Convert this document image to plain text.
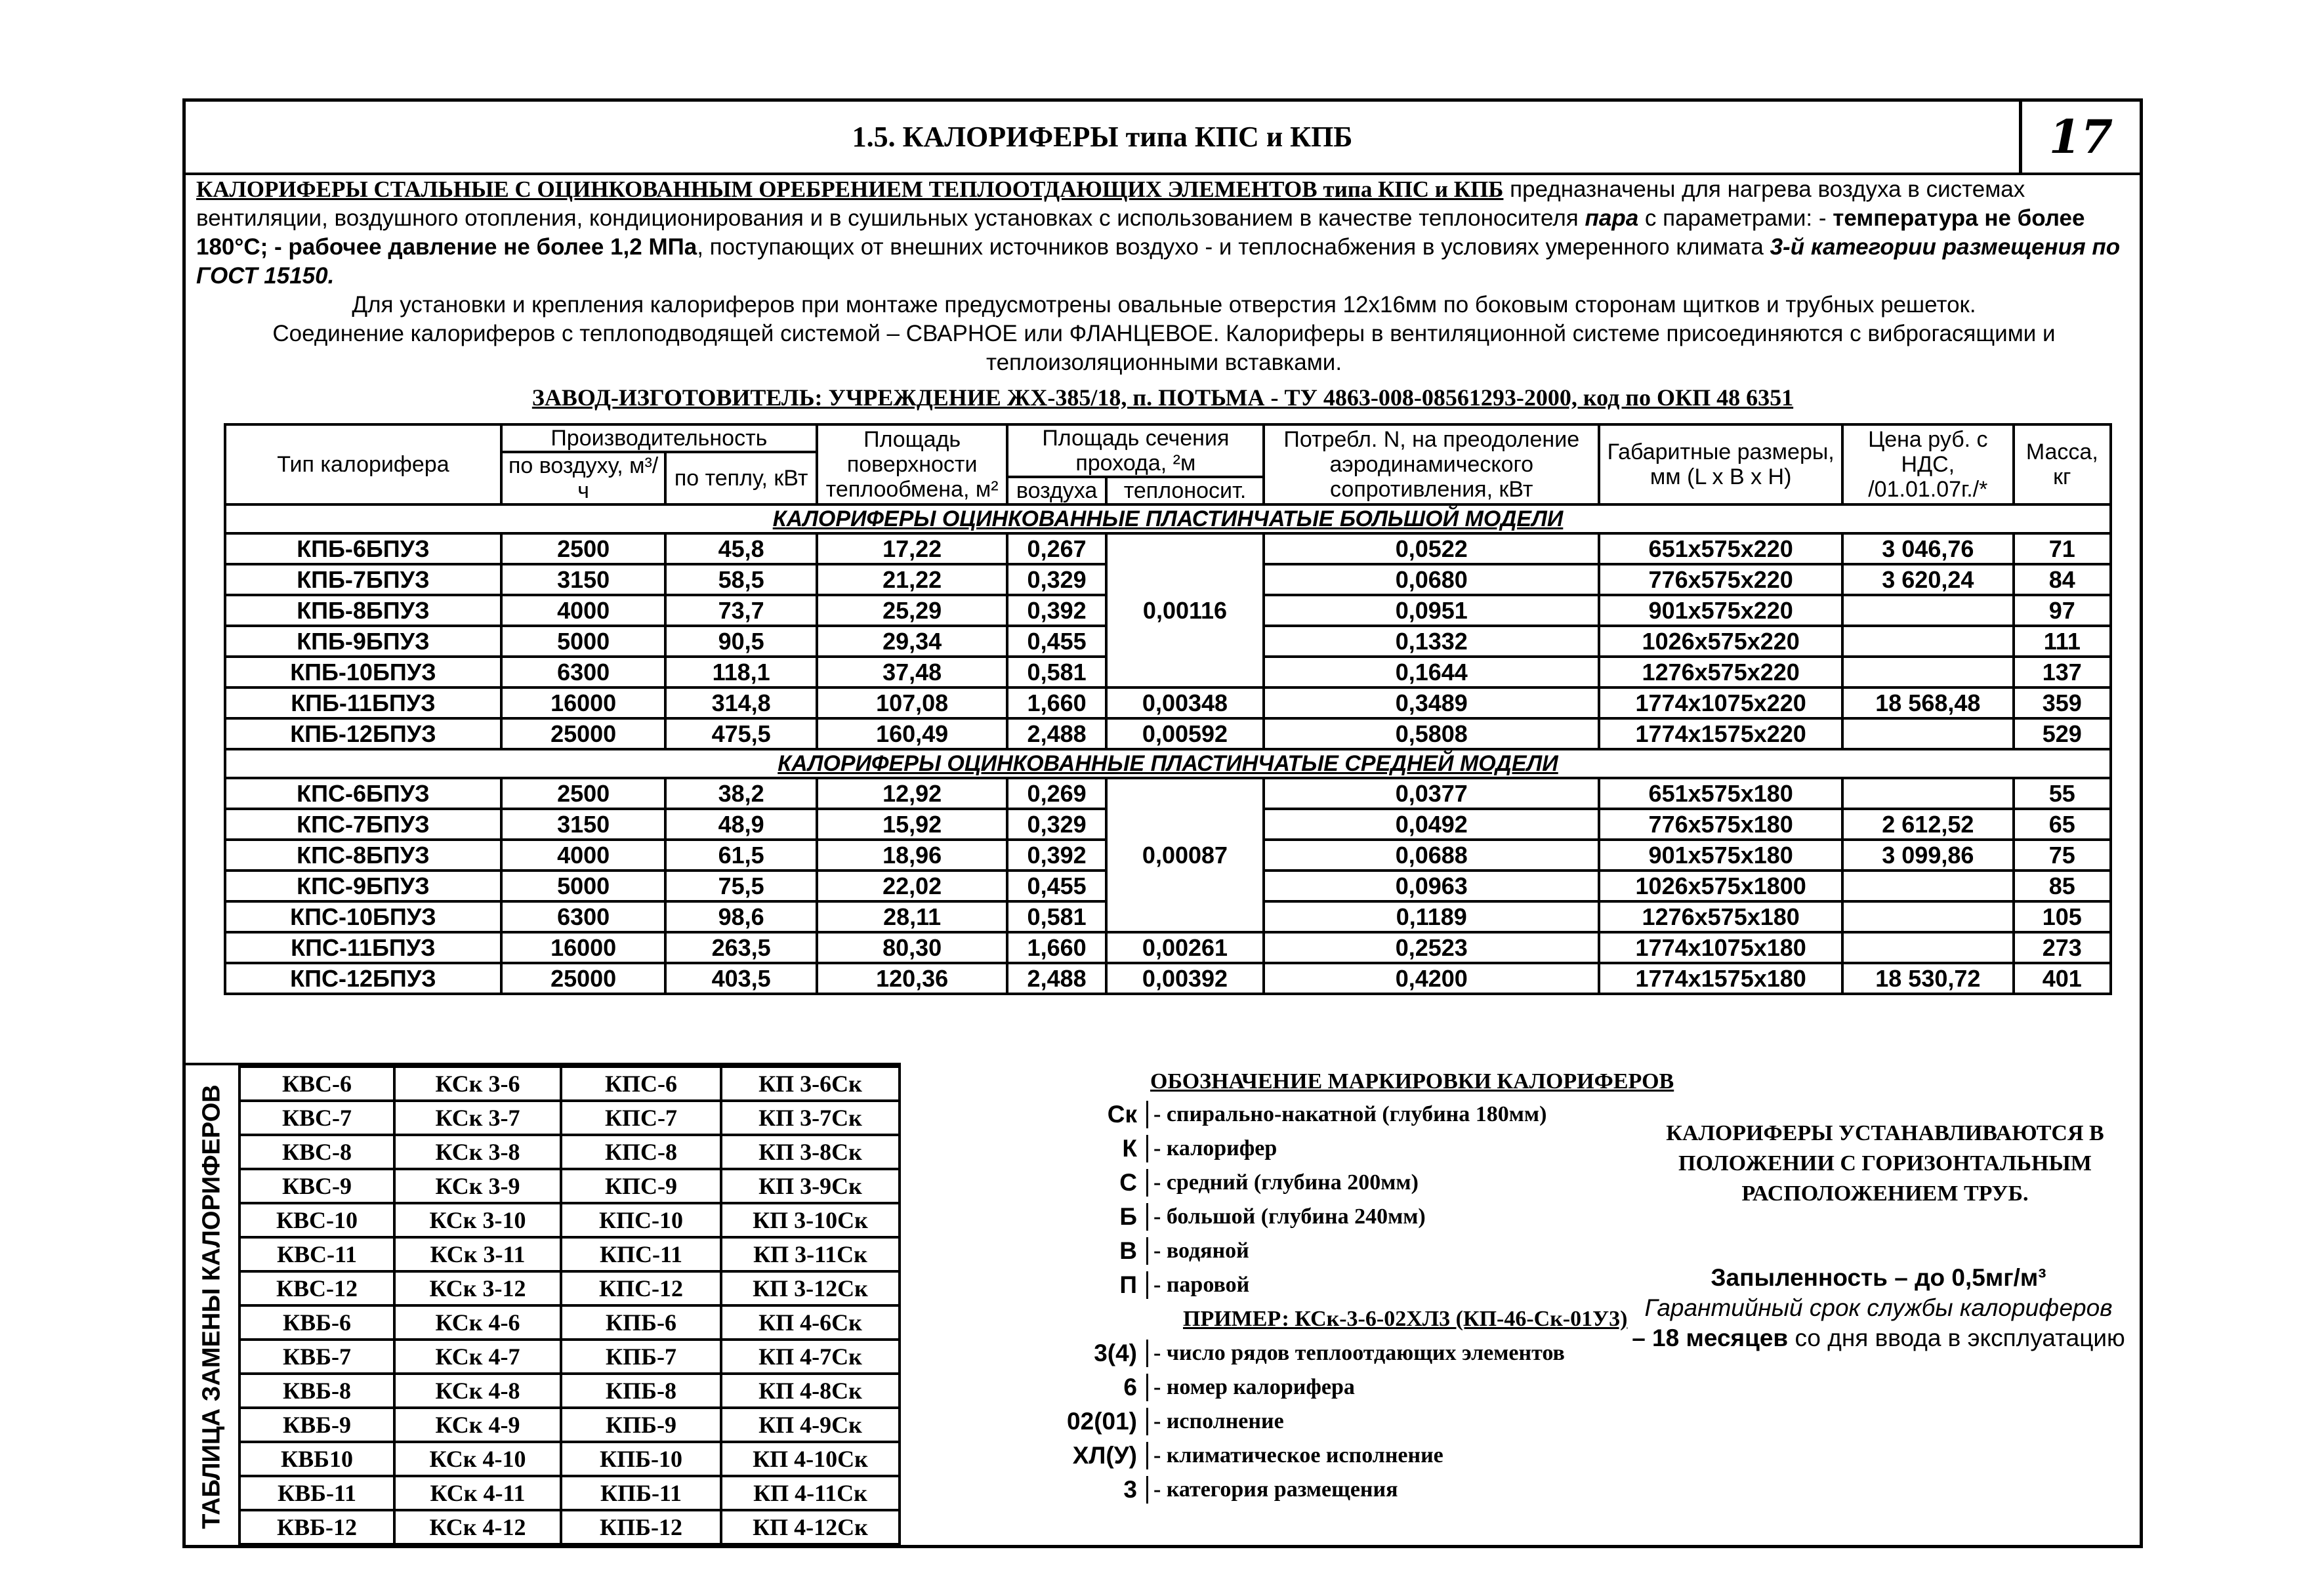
1.5. КАЛОРИФЕРЫ типа КПС и КПБ	17

КАЛОРИФЕРЫ СТАЛЬНЫЕ С ОЦИНКОВАННЫМ ОРЕБРЕНИЕМ ТЕПЛООТДАЮЩИХ ЭЛЕМЕНТОВ типа КПС и КПБ предназначены для нагрева воздуха в системах вентиляции, воздушного отопления, кондиционирования и в сушильных установках с использованием в качестве теплоносителя пара с параметрами: - температура не более 180°С; - рабочее давление не более 1,2 МПа, поступающих от внешних источников воздухо - и теплоснабжения в условиях умеренного климата 3-й категории размещения по ГОСТ 15150.

Для установки и крепления калориферов при монтаже предусмотрены овальные отверстия 12х16мм по боковым сторонам щитков и трубных решеток.

Соединение калориферов с теплоподводящей системой – СВАРНОЕ или ФЛАНЦЕВОЕ. Калориферы в вентиляционной системе присоединяются с виброгасящими и теплоизоляционными вставками.

ЗАВОД-ИЗГОТОВИТЕЛЬ: УЧРЕЖДЕНИЕ ЖХ-385/18, п. ПОТЬМА - ТУ 4863-008-08561293-2000, код по ОКП 48 6351
Тип калорифера	Производительность		Площадь поверхности теплообмена, м²	Площадь сечения прохода, ²м		Потребл. N, на преодоление аэродинамического сопротивления, кВт	Габаритные размеры, мм (L x B x H)	Цена руб. с НДС, /01.01.07г./*	Масса, кг
	по воздуху, м³/ч	по теплу, кВт							
				воздуха	теплоносит.				
КАЛОРИФЕРЫ ОЦИНКОВАННЫЕ ПЛАСТИНЧАТЫЕ БОЛЬШОЙ МОДЕЛИ									
КПБ-6БПУЗ	2500	45,8	17,22	0,267	0,00116	0,0522	651x575x220	3 046,76	71
КПБ-7БПУЗ	3150	58,5	21,22	0,329		0,0680	776x575x220	3 620,24	84
КПБ-8БПУЗ	4000	73,7	25,29	0,392		0,0951	901x575x220		97
КПБ-9БПУЗ	5000	90,5	29,34	0,455		0,1332	1026x575x220		111
КПБ-10БПУЗ	6300	118,1	37,48	0,581		0,1644	1276x575x220		137
КПБ-11БПУЗ	16000	314,8	107,08	1,660	0,00348	0,3489	1774x1075x220	18 568,48	359
КПБ-12БПУЗ	25000	475,5	160,49	2,488	0,00592	0,5808	1774x1575x220		529
КАЛОРИФЕРЫ ОЦИНКОВАННЫЕ ПЛАСТИНЧАТЫЕ СРЕДНЕЙ МОДЕЛИ									
КПС-6БПУЗ	2500	38,2	12,92	0,269	0,00087	0,0377	651x575x180		55
КПС-7БПУЗ	3150	48,9	15,92	0,329		0,0492	776x575x180	2 612,52	65
КПС-8БПУЗ	4000	61,5	18,96	0,392		0,0688	901x575x180	3 099,86	75
КПС-9БПУЗ	5000	75,5	22,02	0,455		0,0963	1026x575x1800		85
КПС-10БПУЗ	6300	98,6	28,11	0,581		0,1189	1276x575x180		105
КПС-11БПУЗ	16000	263,5	80,30	1,660	0,00261	0,2523	1774x1075x180		273
КПС-12БПУЗ	25000	403,5	120,36	2,488	0,00392	0,4200	1774x1575x180	18 530,72	401
ТАБЛИЦА ЗАМЕНЫ КАЛОРИФЕРОВ
КВС-6	КСк 3-6	КПС-6	КП 3-6Ск
КВС-7	КСк 3-7	КПС-7	КП 3-7Ск
КВС-8	КСк 3-8	КПС-8	КП 3-8Ск
КВС-9	КСк 3-9	КПС-9	КП 3-9Ск
КВС-10	КСк 3-10	КПС-10	КП 3-10Ск
КВС-11	КСк 3-11	КПС-11	КП 3-11Ск
КВС-12	КСк 3-12	КПС-12	КП 3-12Ск
КВБ-6	КСк 4-6	КПБ-6	КП 4-6Ск
КВБ-7	КСк 4-7	КПБ-7	КП 4-7Ск
КВБ-8	КСк 4-8	КПБ-8	КП 4-8Ск
КВБ-9	КСк 4-9	КПБ-9	КП 4-9Ск
КВБ10	КСк 4-10	КПБ-10	КП 4-10Ск
КВБ-11	КСк 4-11	КПБ-11	КП 4-11Ск
КВБ-12	КСк 4-12	КПБ-12	КП 4-12Ск
ОБОЗНАЧЕНИЕ МАРКИРОВКИ КАЛОРИФЕРОВ
Ск - спирально-накатной (глубина 180мм)
К - калорифер
С - средний (глубина 200мм)
Б - большой (глубина 240мм)
В - водяной
П - паровой
ПРИМЕР: КСк-3-6-02ХЛ3 (КП-46-Ск-01У3)
3(4) - число рядов теплоотдающих элементов
6 - номер калорифера
02(01) - исполнение
ХЛ(У) - климатическое исполнение
3 - категория размещения
КАЛОРИФЕРЫ УСТАНАВЛИВАЮТСЯ В ПОЛОЖЕНИИ С ГОРИЗОНТАЛЬНЫМ РАСПОЛОЖЕНИЕМ ТРУБ.
Запыленность – до 0,5мг/м³
Гарантийный срок службы калориферов
– 18 месяцев со дня ввода в эксплуатацию
